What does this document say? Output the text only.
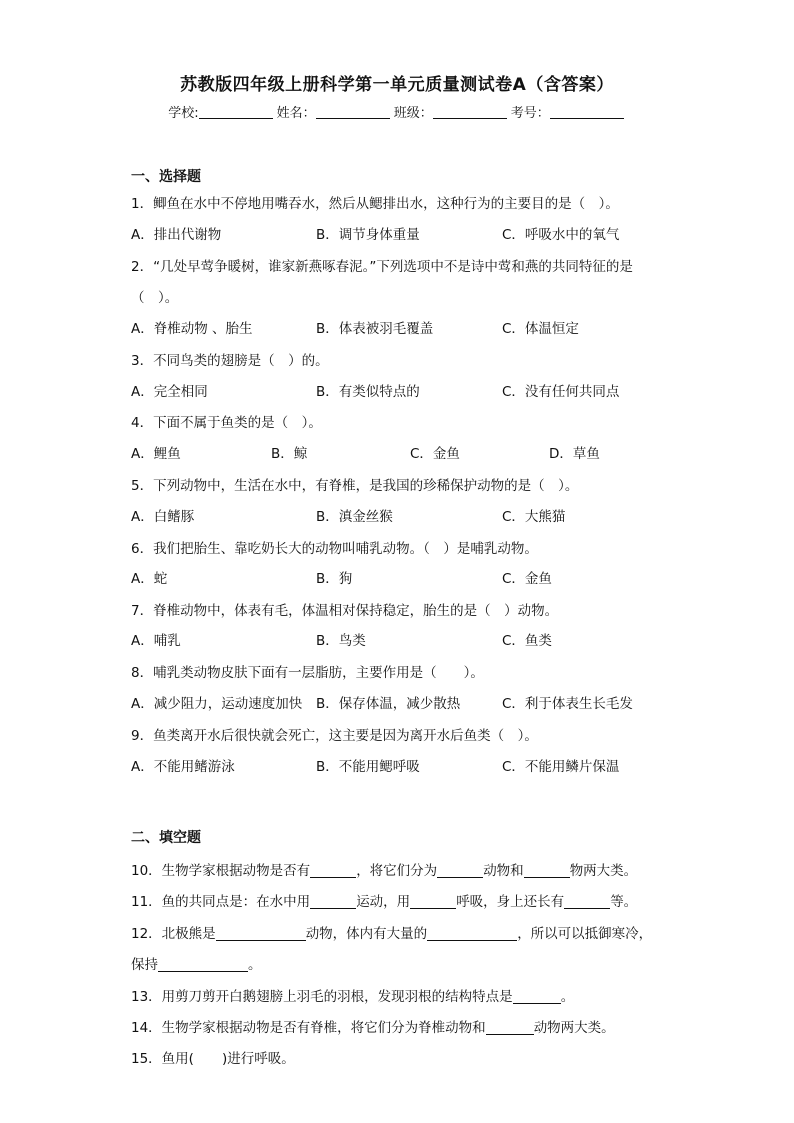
苏教版四年级上册科学第一单元质量测试卷A（含答案）
学校:	姓名：	班级：	考号：
一、选择题
1．鲫鱼在水中不停地用嘴吞水，然后从鳃排出水，这种行为的主要目的是（　）。
A．排出代谢物	B．调节身体重量	C．呼吸水中的氧气
2．“几处早莺争暖树，谁家新燕啄春泥。”下列选项中不是诗中莺和燕的共同特征的是
（　）。
A．脊椎动物 、胎生	B．体表被羽毛覆盖	C．体温恒定
3．不同鸟类的翅膀是（　）的。
A．完全相同	B．有类似特点的	C．没有任何共同点
4．下面不属于鱼类的是（　）。
A．鲤鱼	B．鲸	C．金鱼	D．草鱼
5．下列动物中，生活在水中，有脊椎，是我国的珍稀保护动物的是（　）。
A．白鳍豚	B．滇金丝猴	C．大熊猫
6．我们把胎生、靠吃奶长大的动物叫哺乳动物。（　）是哺乳动物。
A．蛇	B．狗	C．金鱼
7．脊椎动物中，体表有毛，体温相对保持稳定，胎生的是（　）动物。
A．哺乳	B．鸟类	C．鱼类
8．哺乳类动物皮肤下面有一层脂肪，主要作用是（　　）。
A．减少阻力，运动速度加快 B．保存体温，减少散热	C．利于体表生长毛发
9．鱼类离开水后很快就会死亡，这主要是因为离开水后鱼类（　）。
A．不能用鳍游泳	B．不能用鳃呼吸	C．不能用鳞片保温
二、填空题
10．生物学家根据动物是否有	，将它们分为	动物和	物两大类。
11．鱼的共同点是：在水中用	运动，用	呼吸，身上还长有	等。
12．北极熊是	动物，体内有大量的	，所以可以抵御寒冷，
保持	。
13．用剪刀剪开白鹅翅膀上羽毛的羽根，发现羽根的结构特点是	。
14．生物学家根据动物是否有脊椎，将它们分为脊椎动物和	动物两大类。
15．鱼用( )进行呼吸。
